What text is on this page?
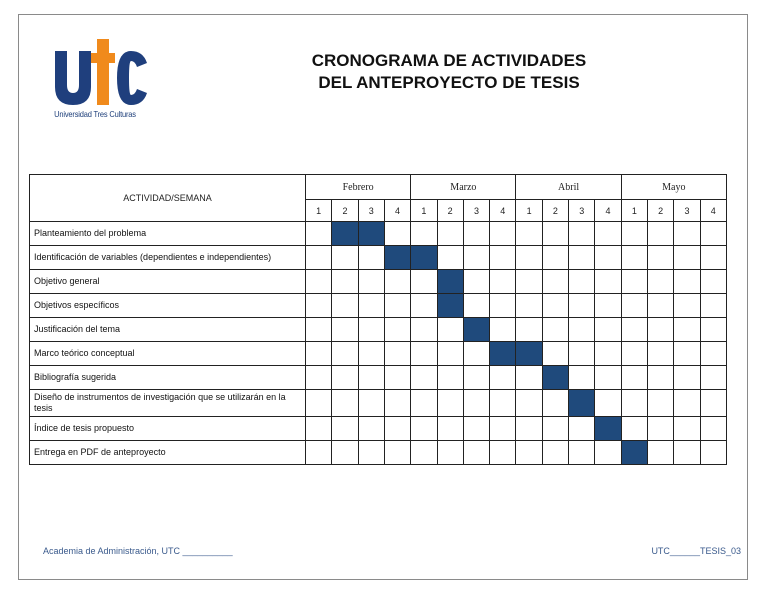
Universidad Tres Culturas
CRONOGRAMA DE ACTIVIDADES
DEL ANTEPROYECTO DE TESIS
ACTIVIDAD/SEMANA	Febrero				Marzo				Abril				Mayo			
	1	2	3	4	1	2	3	4	1	2	3	4	1	2	3	4
Planteamiento del problema																
Identificación de variables (dependientes e independientes)																
Objetivo general																
Objetivos específicos																
Justificación del tema																
Marco teórico conceptual																
Bibliografía sugerida																
Diseño de instrumentos de investigación que se utilizarán en la tesis																
Índice de tesis propuesto																
Entrega en PDF de anteproyecto																
Academia de Administración, UTC __________	UTC______TESIS_03
